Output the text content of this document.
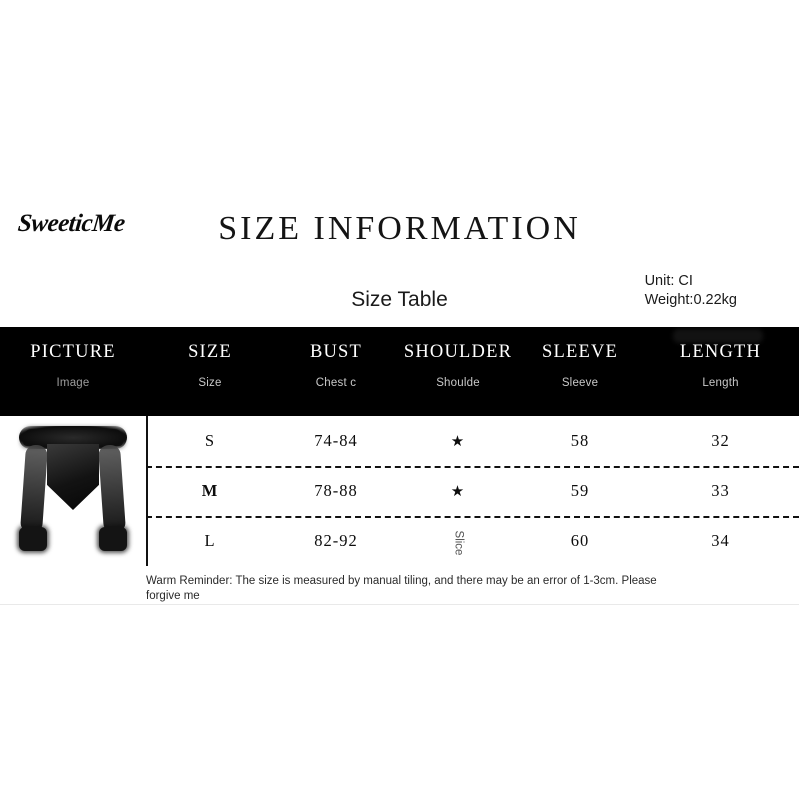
SweeticMe	SIZE INFORMATION
Size Table
Unit: CI
Weight:0.22kg
PICTURE	SIZE	BUST	SHOULDER	SLEEVE	LENGTH
Image	Size	Chest c	Shoulde	Sleeve	Length
S	74-84	★	58	32
M	78-88	★	59	33
L	82-92	Slice	60	34
Warm Reminder: The size is measured by manual tiling, and there may be an error of 1-3cm. Please forgive me
